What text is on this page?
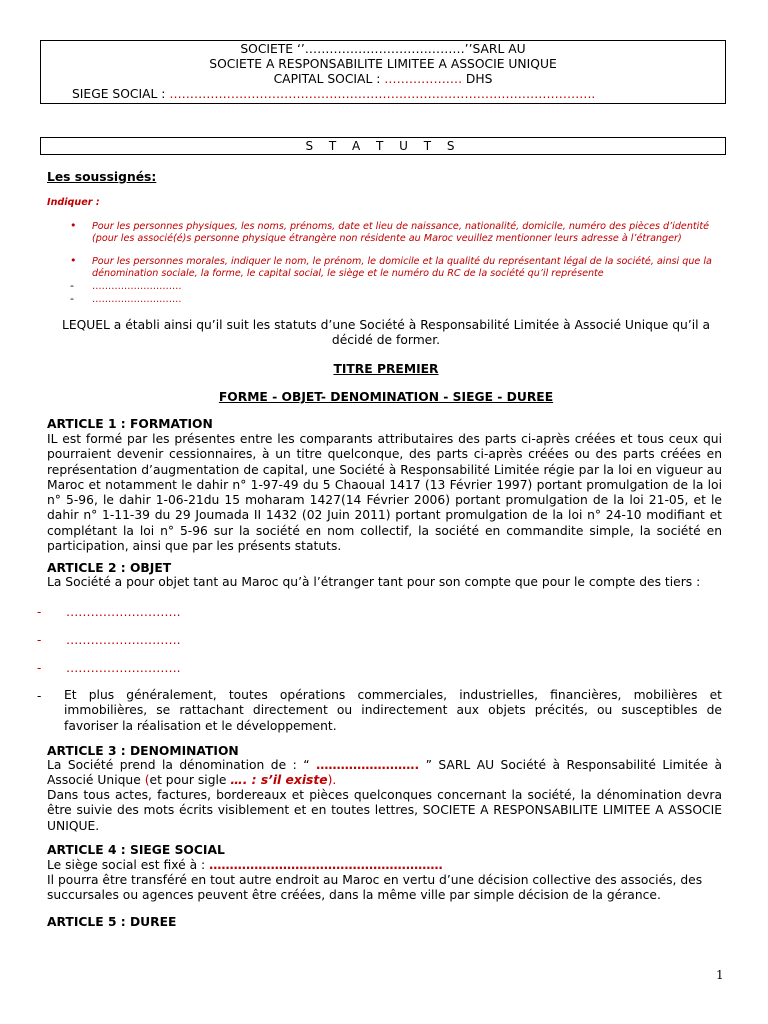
SOCIETE ‘’…………………………………’’SARL AU
SOCIETE A RESPONSABILITE LIMITEE A ASSOCIE UNIQUE
CAPITAL SOCIAL : ………………. DHS
SIEGE SOCIAL : …………………………………………………………………………………………..
S T A T U T S
Les soussignés:
Indiquer :
• Pour les personnes physiques, les noms, prénoms, date et lieu de naissance, nationalité, domicile, numéro des pièces d’identité (pour les associé(é)s personne physique étrangère non résidente au Maroc veuillez mentionner leurs adresse à l’étranger)
• Pour les personnes morales, indiquer le nom, le prénom, le domicile et la qualité du représentant légal de la société, ainsi que la dénomination sociale, la forme, le capital social, le siège et le numéro du RC de la société qu’il représente
- ……………………….
- ……………………….
LEQUEL a établi ainsi qu’il suit les statuts d’une Société à Responsabilité Limitée à Associé Unique qu’il a décidé de former.
TITRE PREMIER
FORME - OBJET- DENOMINATION - SIEGE - DUREE
ARTICLE 1 : FORMATION
IL est formé par les présentes entre les comparants attributaires des parts ci-après créées et tous ceux qui pourraient devenir cessionnaires, à un titre quelconque, des parts ci-après créées ou des parts créées en représentation d’augmentation de capital, une Société à Responsabilité Limitée régie par la loi en vigueur au Maroc et notamment le dahir n° 1-97-49 du 5 Chaoual 1417 (13 Février 1997) portant promulgation de la loi n° 5-96, le dahir 1-06-21du 15 moharam 1427(14 Février 2006) portant promulgation de la loi 21-05, et le dahir n° 1-11-39 du 29 Joumada II 1432 (02 Juin 2011) portant promulgation de la loi n° 24-10 modifiant et complétant la loi n° 5-96 sur la société en nom collectif, la société en commandite simple, la société en participation, ainsi que par les présents statuts.
ARTICLE 2 : OBJET
La Société a pour objet tant au Maroc qu’à l’étranger tant pour son compte que pour le compte des tiers :
- ……………………….
- ……………………….
- ……………………….
- Et plus généralement, toutes opérations commerciales, industrielles, financières, mobilières et immobilières, se rattachant directement ou indirectement aux objets précités, ou susceptibles de favoriser la réalisation et le développement.
ARTICLE 3 : DENOMINATION
La Société prend la dénomination de : “ ……………………. ” SARL AU Société à Responsabilité Limitée à Associé Unique (et pour sigle …. : s’il existe).
Dans tous actes, factures, bordereaux et pièces quelconques concernant la société, la dénomination devra être suivie des mots écrits visiblement et en toutes lettres, SOCIETE A RESPONSABILITE LIMITEE A ASSOCIE UNIQUE.
ARTICLE 4 : SIEGE SOCIAL
Le siège social est fixé à : …………………………………………………
Il pourra être transféré en tout autre endroit au Maroc en vertu d’une décision collective des associés, des succursales ou agences peuvent être créées, dans la même ville par simple décision de la gérance.
ARTICLE 5 : DUREE
1
